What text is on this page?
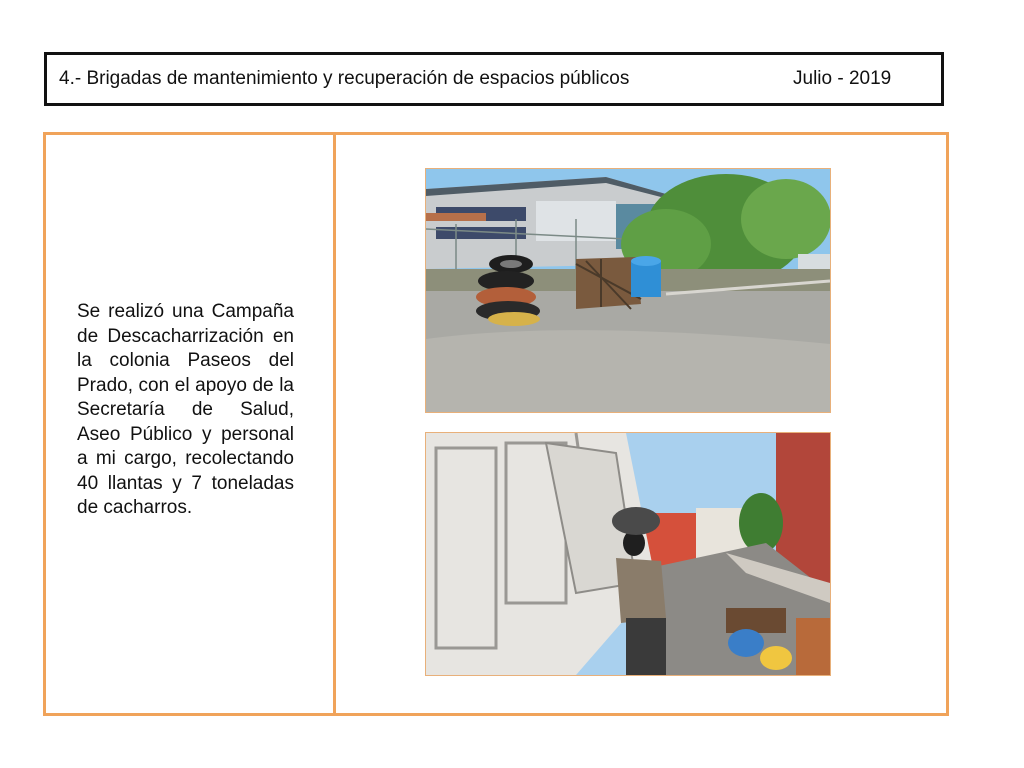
4.- Brigadas de mantenimiento y recuperación de espacios públicos	Julio - 2019

Se realizó una Campaña de Descacharrización en la colonia Paseos del Prado, con el apoyo de la Secretaría de Salud, Aseo Público y personal a mi cargo, recolectando 40 llantas y 7 toneladas de cacharros.
